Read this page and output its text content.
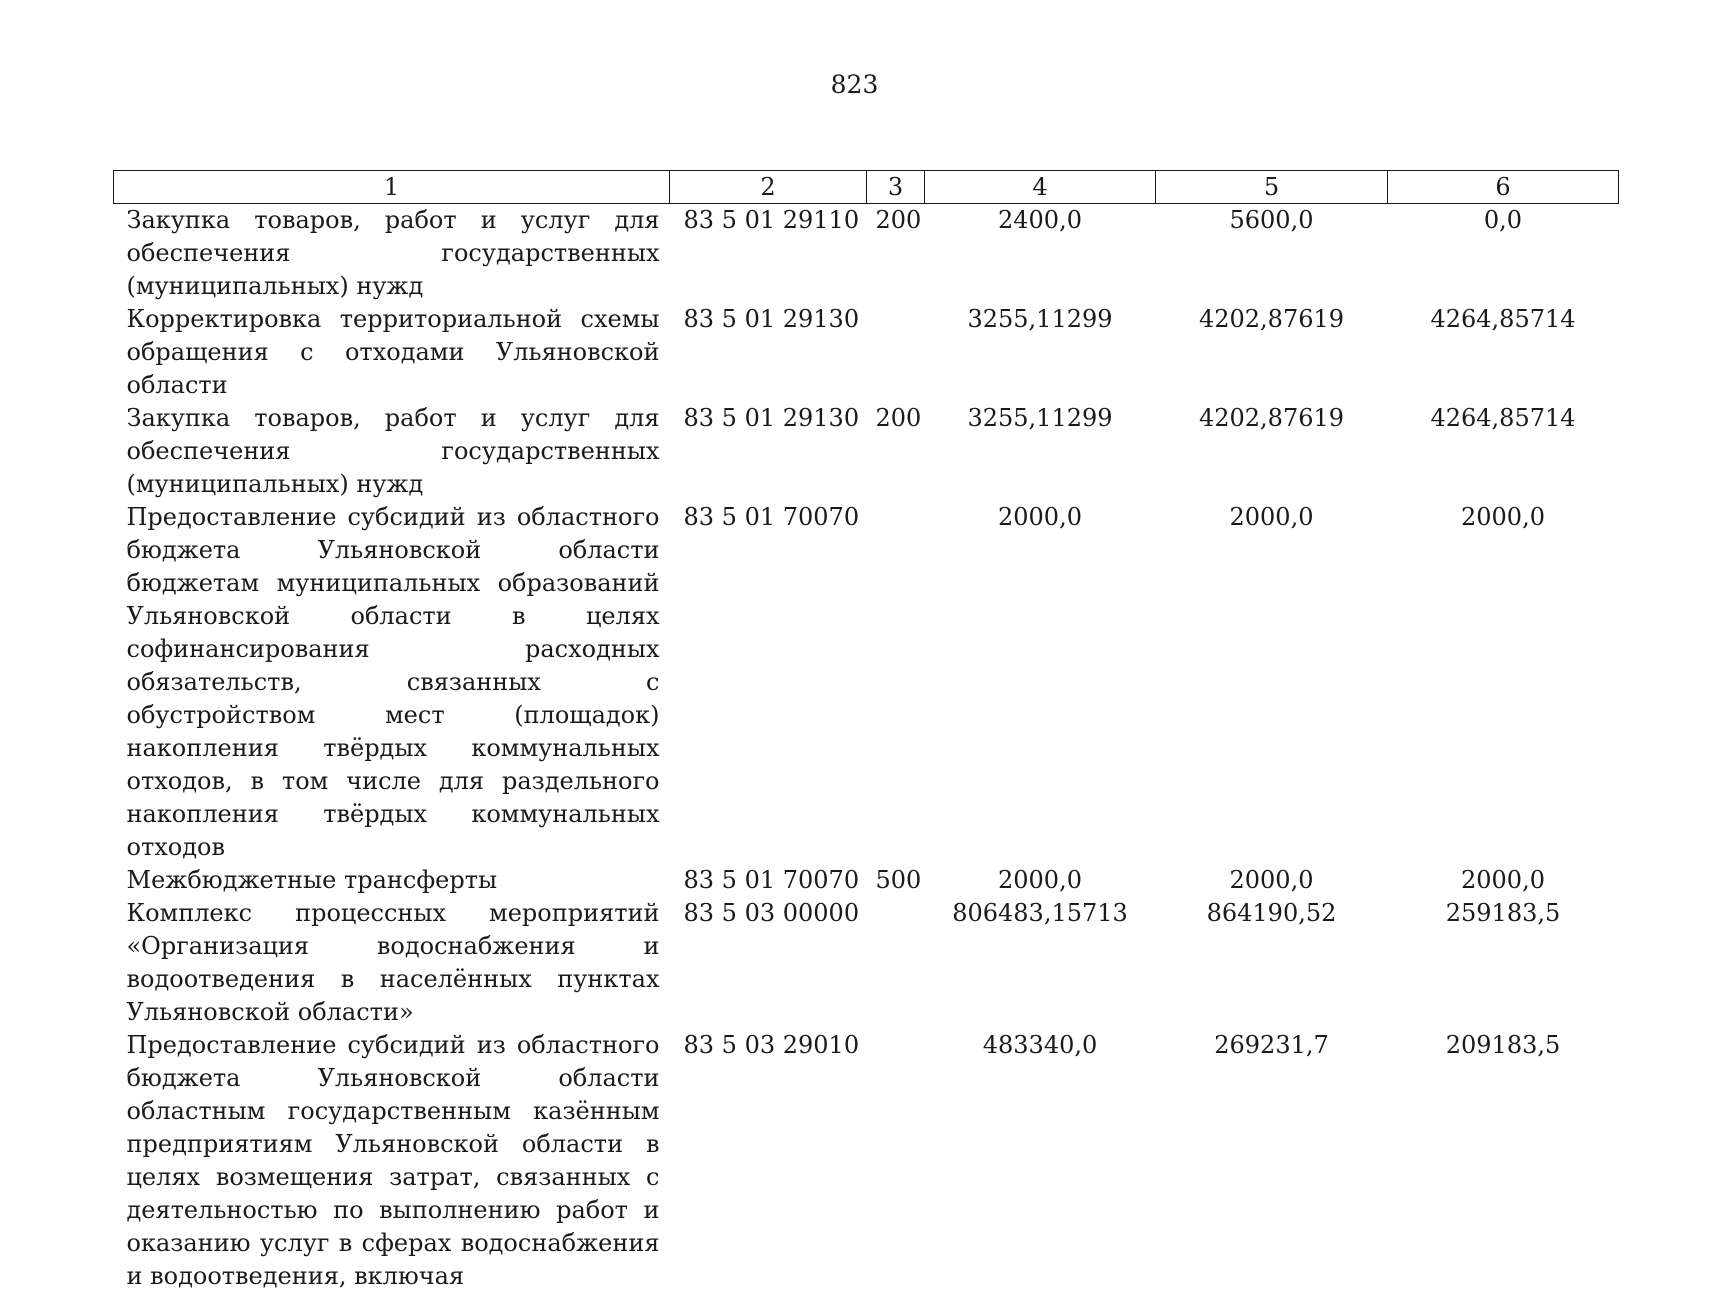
823
1	2	3	4	5	6
Закупка товаров, работ и услуг для обеспечения государственных (муниципальных) нужд	83 5 01 29110	200	2400,0	5600,0	0,0
Корректировка территориальной схемы обращения с отходами Ульяновской области	83 5 01 29130		3255,11299	4202,87619	4264,85714
Закупка товаров, работ и услуг для обеспечения государственных (муниципальных) нужд	83 5 01 29130	200	3255,11299	4202,87619	4264,85714
Предоставление субсидий из областного бюджета Ульяновской области бюджетам муниципальных образований Ульяновской области в целях софинансирования расходных обязательств, связанных с обустройством мест (площадок) накопления твёрдых коммунальных отходов, в том числе для раздельного накопления твёрдых коммунальных отходов	83 5 01 70070		2000,0	2000,0	2000,0
Межбюджетные трансферты	83 5 01 70070	500	2000,0	2000,0	2000,0
Комплекс процессных мероприятий «Организация водоснабжения и водоотведения в населённых пунктах Ульяновской области»	83 5 03 00000		806483,15713	864190,52	259183,5
Предоставление субсидий из областного бюджета Ульяновской области областным государственным казённым предприятиям Ульяновской области в целях возмещения затрат, связанных с деятельностью по выполнению работ и оказанию услуг в сферах водоснабжения и водоотведения, включая	83 5 03 29010		483340,0	269231,7	209183,5
